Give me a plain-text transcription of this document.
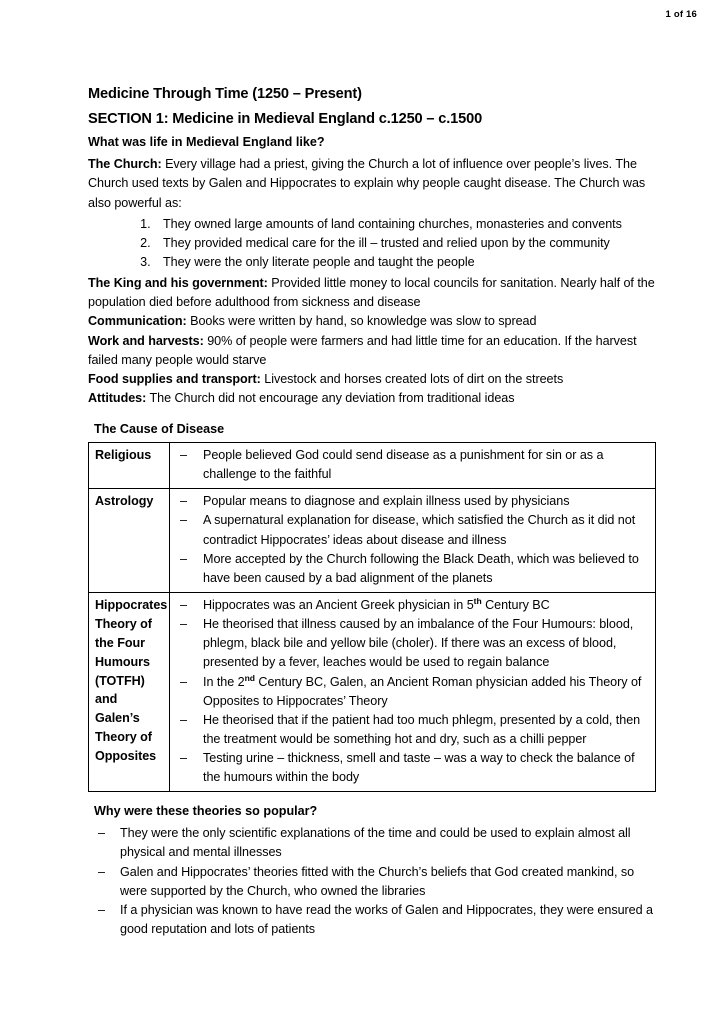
1 of 16
Medicine Through Time (1250 – Present)
SECTION 1: Medicine in Medieval England c.1250 – c.1500
What was life in Medieval England like?

The Church: Every village had a priest, giving the Church a lot of influence over people’s lives. The Church used texts by Galen and Hippocrates to explain why people caught disease. The Church was also powerful as:

1. They owned large amounts of land containing churches, monasteries and convents
2. They provided medical care for the ill – trusted and relied upon by the community
3. They were the only literate people and taught the people

The King and his government: Provided little money to local councils for sanitation. Nearly half of the population died before adulthood from sickness and disease

Communication: Books were written by hand, so knowledge was slow to spread

Work and harvests: 90% of people were farmers and had little time for an education. If the harvest failed many people would starve

Food supplies and transport: Livestock and horses created lots of dirt on the streets

Attitudes: The Church did not encourage any deviation from traditional ideas

The Cause of Disease
Religious	
–People believed God could send disease as a punishment for sin or as a challenge to the faithful

Astrology	
–Popular means to diagnose and explain illness used by physicians
– A supernatural explanation for disease, which satisfied the Church as it did not contradict Hippocrates’ ideas about disease and illness
– More accepted by the Church following the Black Death, which was believed to have been caused by a bad alignment of the planets

Hippocrates Theory of the Four Humours (TOTFH) and Galen’s Theory of Opposites	
– Hippocrates was an Ancient Greek physician in 5th Century BC
– He theorised that illness caused by an imbalance of the Four Humours: blood, phlegm, black bile and yellow bile (choler). If there was an excess of blood, presented by a fever, leaches would be used to regain balance
– In the 2nd Century BC, Galen, an Ancient Roman physician added his Theory of Opposites to Hippocrates’ Theory
– He theorised that if the patient had too much phlegm, presented by a cold, then the treatment would be something hot and dry, such as a chilli pepper
– Testing urine – thickness, smell and taste – was a way to check the balance of the humours within the body
Why were these theories so popular?
– They were the only scientific explanations of the time and could be used to explain almost all physical and mental illnesses
– Galen and Hippocrates’ theories fitted with the Church’s beliefs that God created mankind, so were supported by the Church, who owned the libraries
– If a physician was known to have read the works of Galen and Hippocrates, they were ensured a good reputation and lots of patients
